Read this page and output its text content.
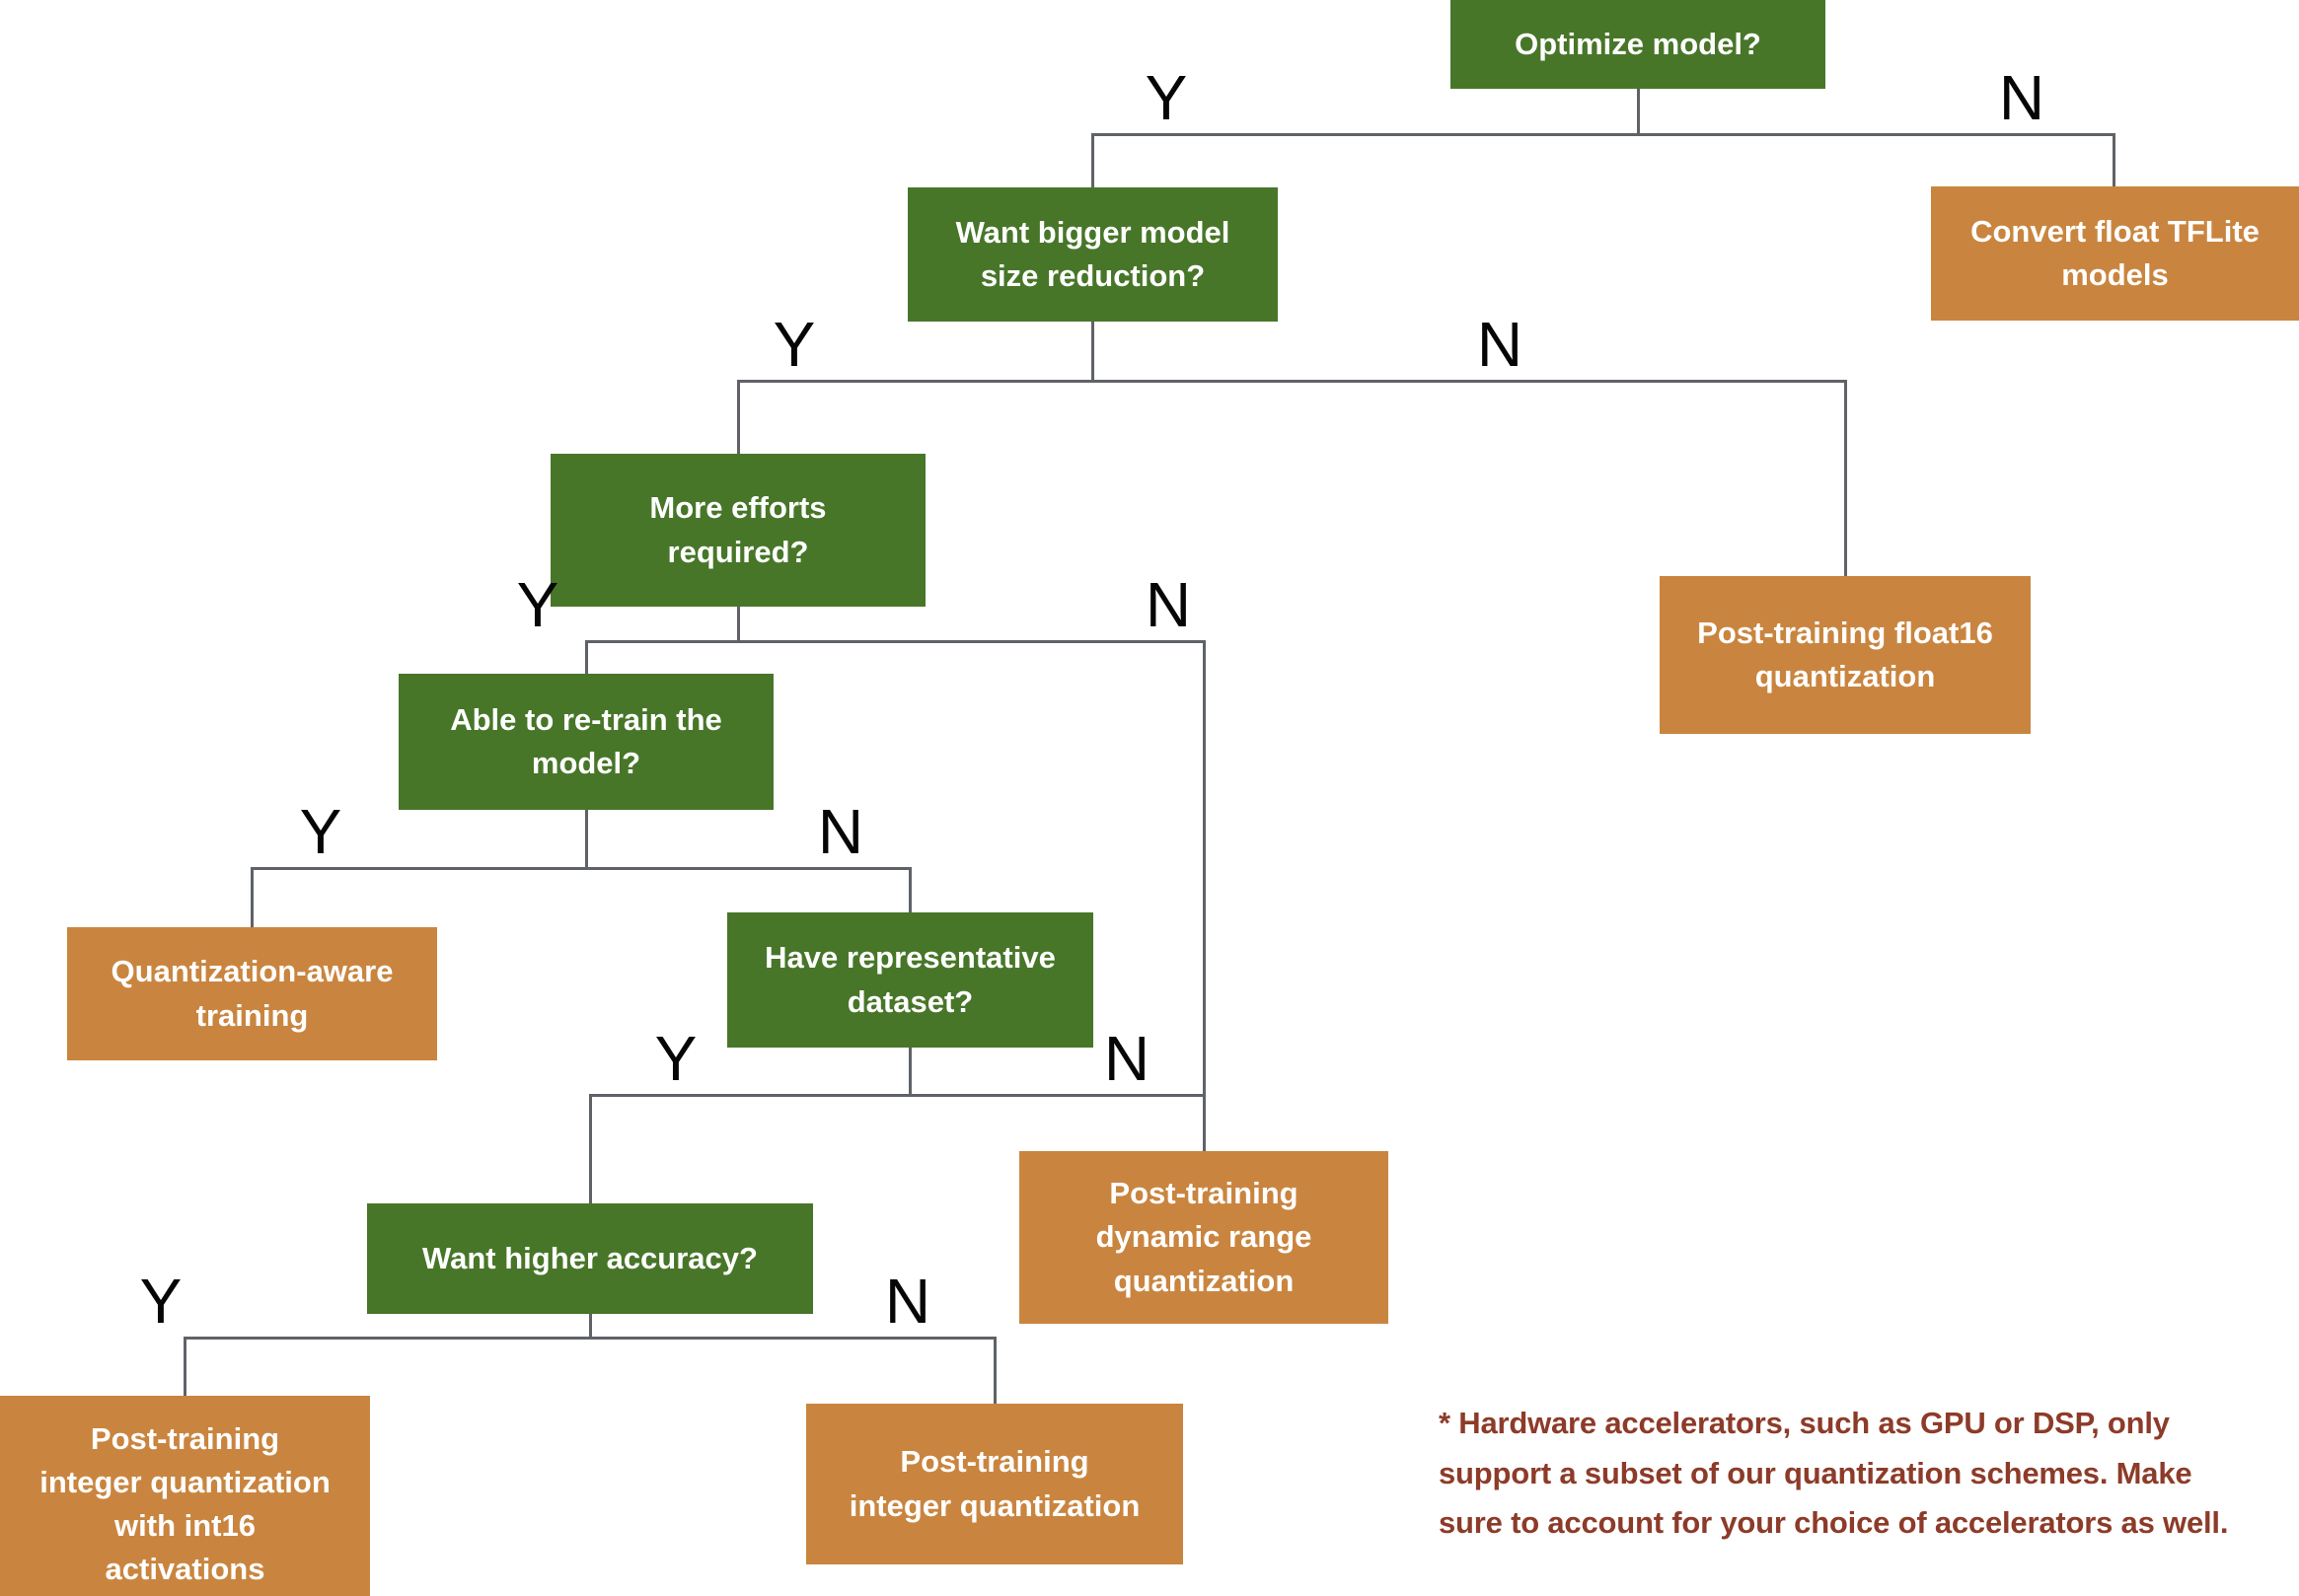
Optimize model?
Want bigger model
size reduction?
Convert float TFLite
models
More efforts
required?
Post-training float16
quantization
Able to re-train the
model?
Quantization-aware
training
Have representative
dataset?
Post-training
dynamic range
quantization
Want higher accuracy?
Post-training
integer quantization
with int16
activations
Post-training
integer quantization
Y	N
Y	N
Y	N
Y	N
Y	N
Y	N
* Hardware accelerators, such as GPU or DSP, only
support a subset of our quantization schemes. Make
sure to account for your choice of accelerators as well.
